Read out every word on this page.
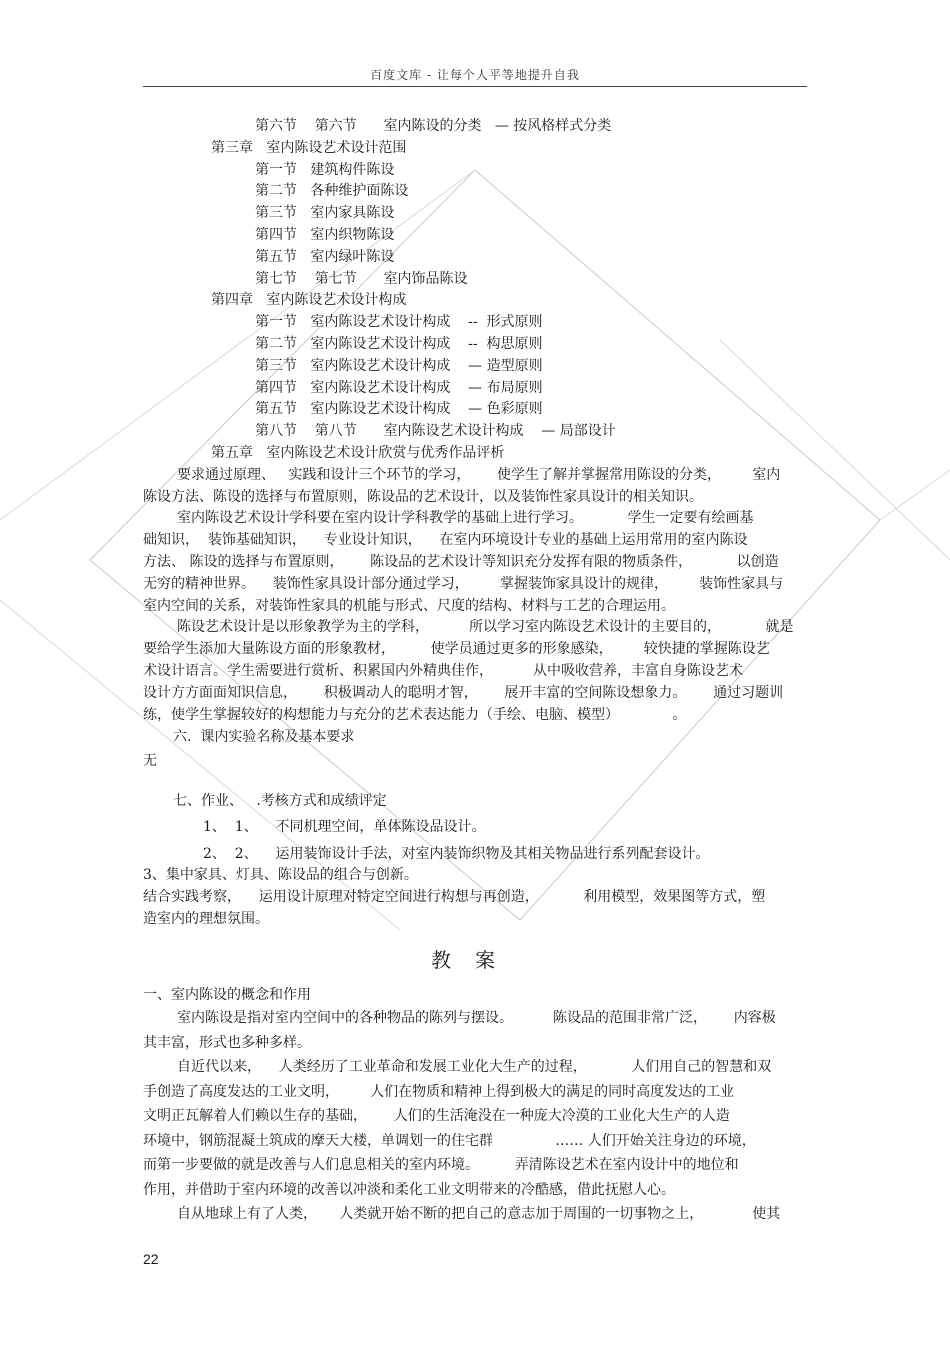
百度文库 - 让每个人平等地提升自我

第六节    第六节      室内陈设的分类   — 按风格样式分类

第三章   室内陈设艺术设计范围

第一节   建筑构件陈设

第二节   各种维护面陈设

第三节   室内家具陈设

第四节   室内织物陈设

第五节   室内绿叶陈设

第七节    第七节      室内饰品陈设

第四章   室内陈设艺术设计构成

第一节   室内陈设艺术设计构成    --  形式原则

第二节   室内陈设艺术设计构成    --  构思原则

第三节   室内陈设艺术设计构成    — 造型原则

第四节   室内陈设艺术设计构成    — 布局原则

第五节   室内陈设艺术设计构成    — 色彩原则

第八节    第八节      室内陈设艺术设计构成    — 局部设计

第五章   室内陈设艺术设计欣赏与优秀作品评析

要求通过原理、   实践和设计三个环节的学习，      使学生了解并掌握常用陈设的分类，       室内

陈设方法、陈设的选择与布置原则，陈设品的艺术设计，以及装饰性家具设计的相关知识。

室内陈设艺术设计学科要在室内设计学科教学的基础上进行学习。          学生一定要有绘画基

础知识，  装饰基础知识，    专业设计知识，    在室内环境设计专业的基础上运用常用的室内陈设

方法、 陈设的选择与布置原则，      陈设品的艺术设计等知识充分发挥有限的物质条件，          以创造

无穷的精神世界。    装饰性家具设计部分通过学习，       掌握装饰家具设计的规律，       装饰性家具与

室内空间的关系，对装饰性家具的机能与形式、尺度的结构、材料与工艺的合理运用。

陈设艺术设计是以形象教学为主的学科，         所以学习室内陈设艺术设计的主要目的，          就是

要给学生添加大量陈设方面的形象教材，        使学员通过更多的形象感染，       较快捷的掌握陈设艺

术设计语言。学生需要进行赏析、积累国内外精典佳作，         从中吸收营养，丰富自身陈设艺术

设计方方面面知识信息，      积极调动人的聪明才智，      展开丰富的空间陈设想象力。      通过习题训

练，使学生掌握较好的构想能力与充分的艺术表达能力（手绘、电脑、模型）            。

六.  课内实验名称及基本要求

无

七、作业、   .考核方式和成绩评定

1、  1、    不同机理空间，单体陈设品设计。

2、  2、    运用装饰设计手法，对室内装饰织物及其相关物品进行系列配套设计。

3、集中家具、灯具、陈设品的组合与创新。

结合实践考察，    运用设计原理对特定空间进行构想与再创造，          利用模型，效果图等方式，塑

造室内的理想氛围。

教案

一、室内陈设的概念和作用

室内陈设是指对室内空间中的各种物品的陈列与摆设。         陈设品的范围非常广泛，      内容极

其丰富，形式也多种多样。

自近代以来，    人类经历了工业革命和发展工业化大生产的过程，          人们用自己的智慧和双

手创造了高度发达的工业文明，       人们在物质和精神上得到极大的满足的同时高度发达的工业

文明正瓦解着人们赖以生存的基础，      人们的生活淹没在一种庞大冷漠的工业化大生产的人造

环境中，钢筋混凝土筑成的摩天大楼，单调划一的住宅群              …… 人们开始关注身边的环境，

而第一步要做的就是改善与人们息息相关的室内环境。        弄清陈设艺术在室内设计中的地位和

作用，并借助于室内环境的改善以冲淡和柔化工业文明带来的冷酷感，借此抚慰人心。

自从地球上有了人类，     人类就开始不断的把自己的意志加于周围的一切事物之上，           使其

22
